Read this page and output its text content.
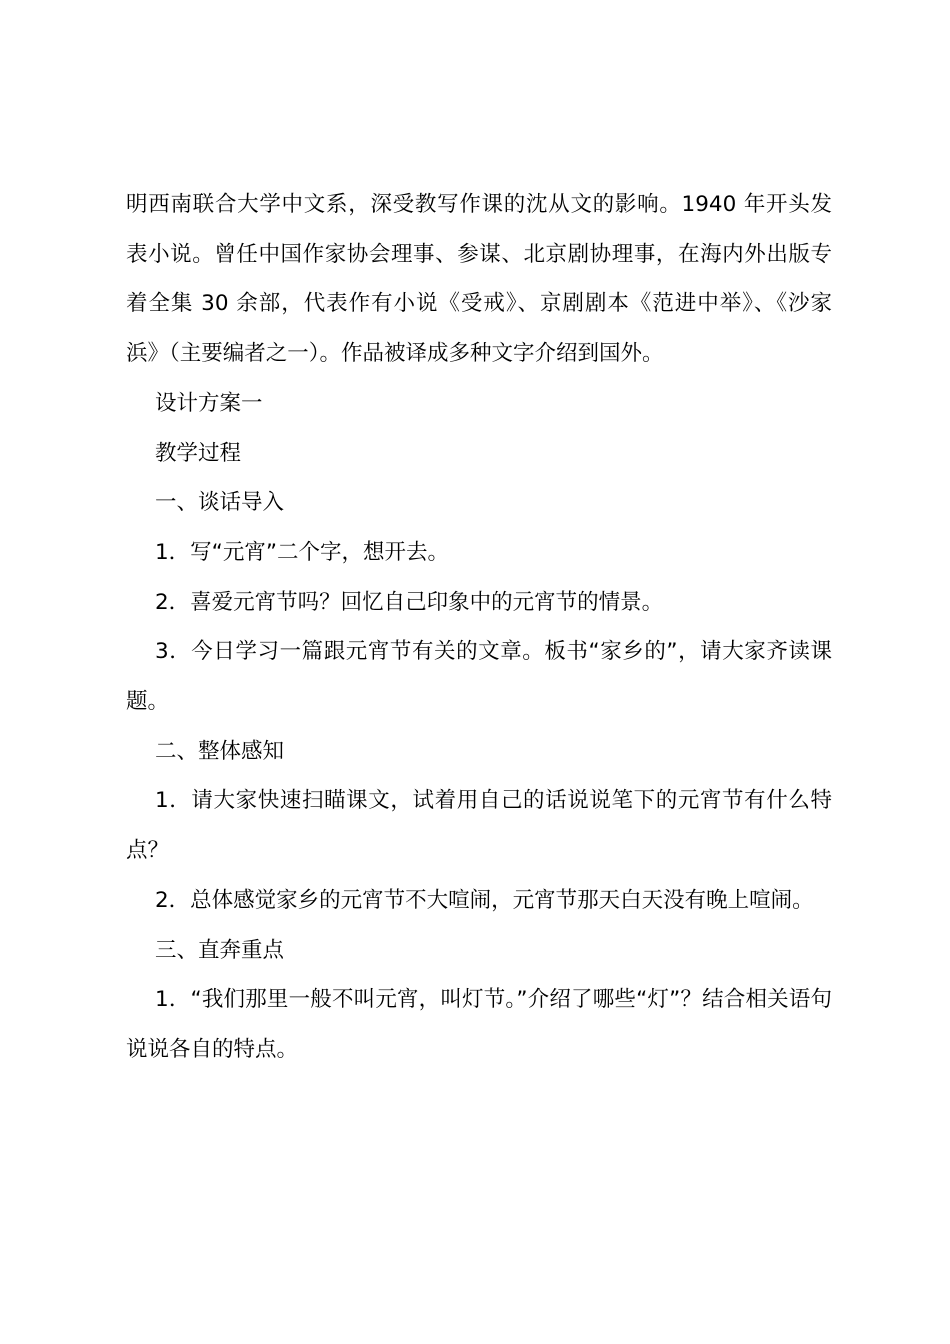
明西南联合大学中文系，深受教写作课的沈从文的影响。1940 年开头发表小说。曾任中国作家协会理事、参谋、北京剧协理事，在海内外出版专着全集 30 余部，代表作有小说《受戒》、京剧剧本《范进中举》、《沙家浜》（主要编者之一）。作品被译成多种文字介绍到国外。

设计方案一

教学过程

一、谈话导入

1．写“元宵”二个字，想开去。

2．喜爱元宵节吗？回忆自己印象中的元宵节的情景。

3．今日学习一篇跟元宵节有关的文章。板书“家乡的”，请大家齐读课题。

二、整体感知

1．请大家快速扫瞄课文，试着用自己的话说说笔下的元宵节有什么特点？

2．总体感觉家乡的元宵节不大喧闹，元宵节那天白天没有晚上喧闹。

三、直奔重点

1．“我们那里一般不叫元宵，叫灯节。”介绍了哪些“灯”？结合相关语句说说各自的特点。
